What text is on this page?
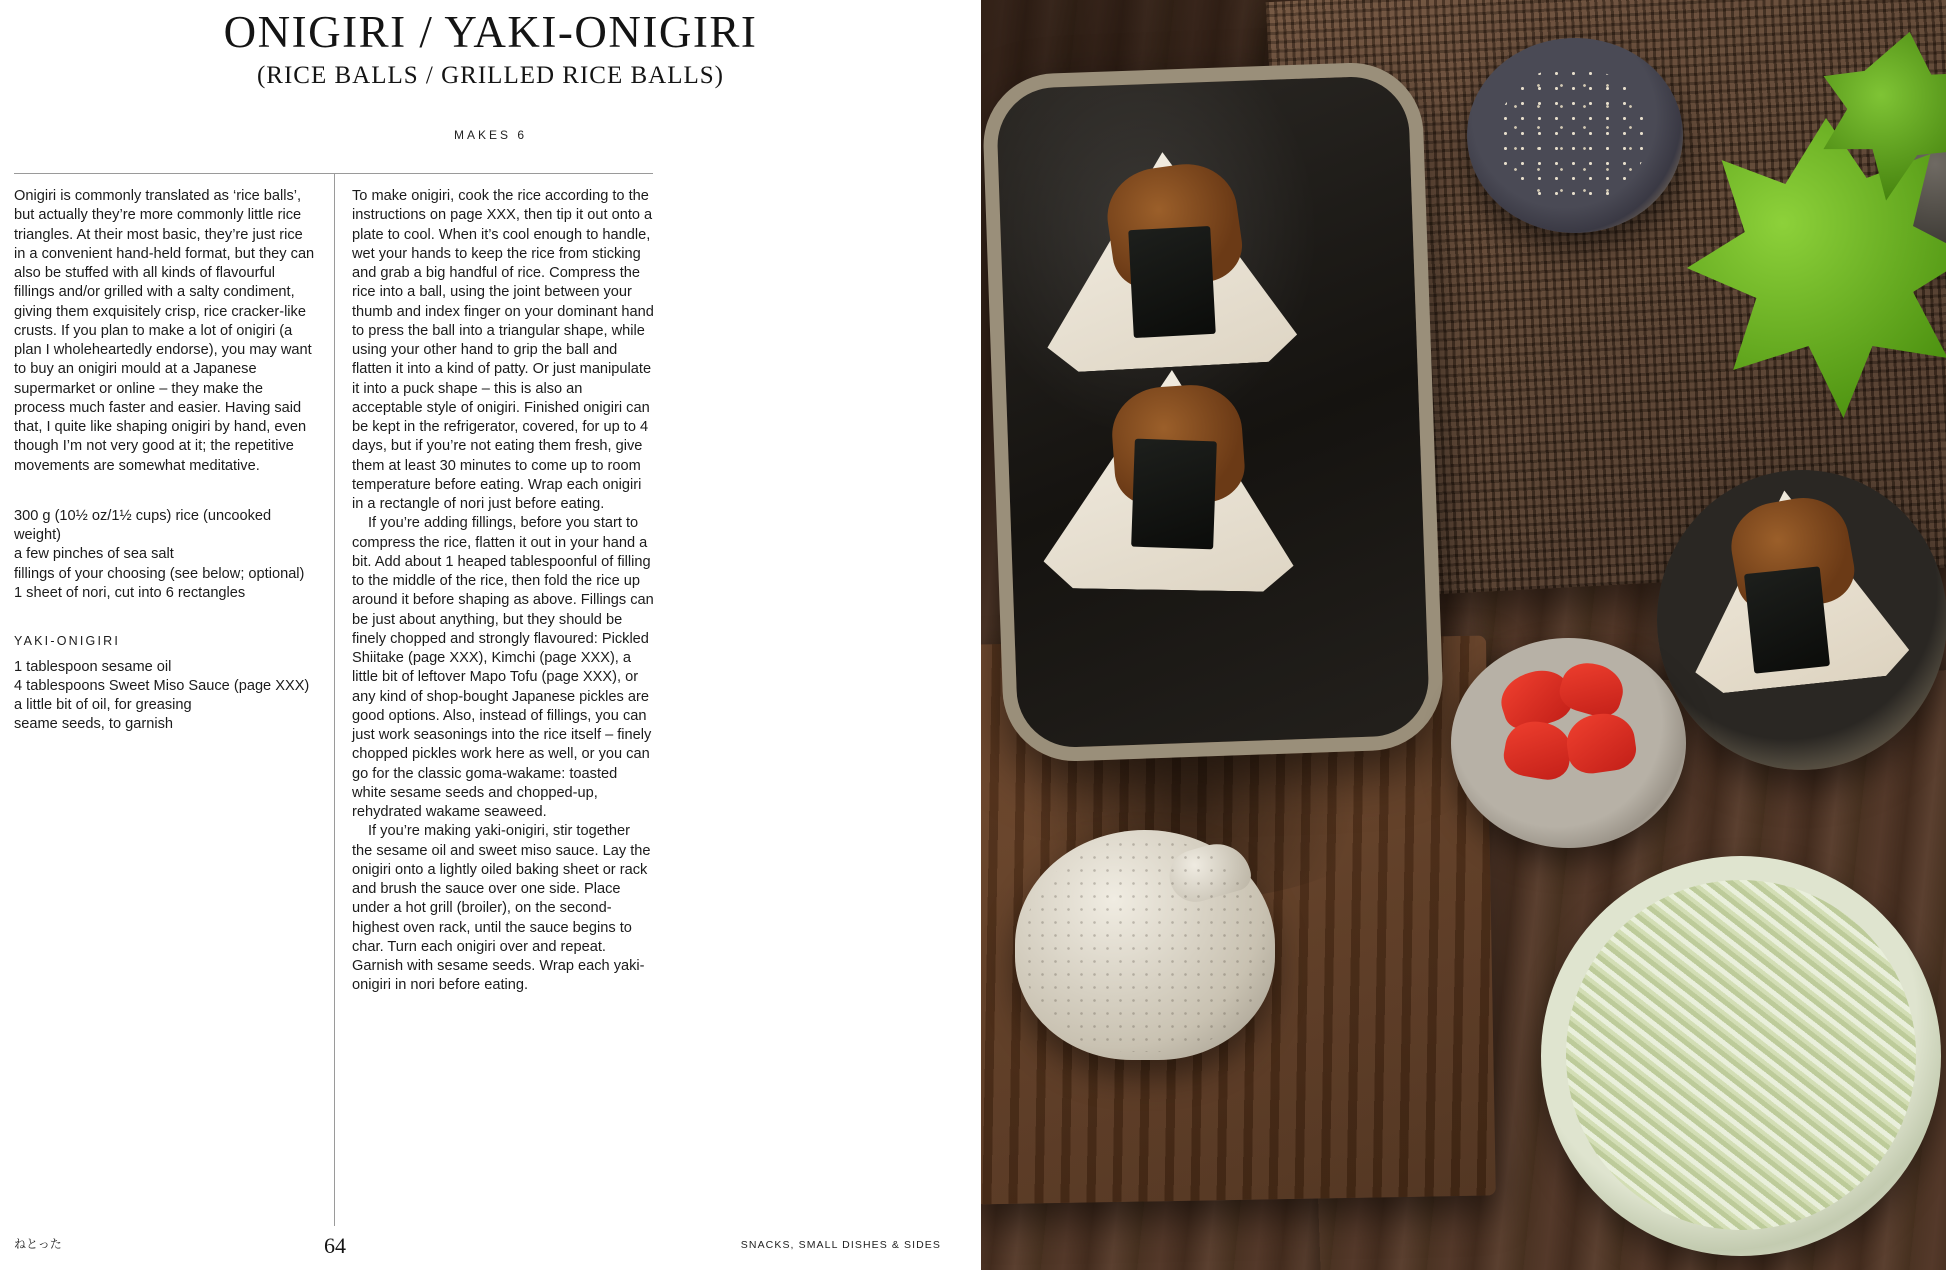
ONIGIRI / YAKI-ONIGIRI
(RICE BALLS / GRILLED RICE BALLS)
MAKES 6

Onigiri is commonly translated as ‘rice balls’, but actually they’re more commonly little rice triangles. At their most basic, they’re just rice in a convenient hand-held format, but they can also be stuffed with all kinds of flavourful fillings and/or grilled with a salty condiment, giving them exquisitely crisp, rice cracker-like crusts. If you plan to make a lot of onigiri (a plan I wholeheartedly endorse), you may want to buy an onigiri mould at a Japanese supermarket or online – they make the process much faster and easier. Having said that, I quite like shaping onigiri by hand, even though I’m not very good at it; the repetitive movements are somewhat meditative.

300 g (10½ oz/1½ cups) rice (uncooked weight)
a few pinches of sea salt
fillings of your choosing (see below; optional)
1 sheet of nori, cut into 6 rectangles
YAKI-ONIGIRI
1 tablespoon sesame oil
4 tablespoons Sweet Miso Sauce (page XXX)
a little bit of oil, for greasing
seame seeds, to garnish

To make onigiri, cook the rice according to the instructions on page XXX, then tip it out onto a plate to cool. When it’s cool enough to handle, wet your hands to keep the rice from sticking and grab a big handful of rice. Compress the rice into a ball, using the joint between your thumb and index finger on your dominant hand to press the ball into a triangular shape, while using your other hand to grip the ball and flatten it into a kind of patty. Or just manipulate it into a puck shape – this is also an acceptable style of onigiri. Finished onigiri can be kept in the refrigerator, covered, for up to 4 days, but if you’re not eating them fresh, give them at least 30 minutes to come up to room temperature before eating. Wrap each onigiri in a rectangle of nori just before eating.

If you’re adding fillings, before you start to compress the rice, flatten it out in your hand a bit. Add about 1 heaped tablespoonful of filling to the middle of the rice, then fold the rice up around it before shaping as above. Fillings can be just about anything, but they should be finely chopped and strongly flavoured: Pickled Shiitake (page XXX), Kimchi (page XXX), a little bit of leftover Mapo Tofu (page XXX), or any kind of shop-bought Japanese pickles are good options. Also, instead of fillings, you can just work seasonings into the rice itself – finely chopped pickles work here as well, or you can go for the classic goma-wakame: toasted white sesame seeds and chopped-up, rehydrated wakame seaweed.

If you’re making yaki-onigiri, stir together the sesame oil and sweet miso sauce. Lay the onigiri onto a lightly oiled baking sheet or rack and brush the sauce over one side. Place under a hot grill (broiler), on the second-highest oven rack, until the sauce begins to char. Turn each onigiri over and repeat. Garnish with sesame seeds. Wrap each yaki-onigiri in nori before eating.

ねとった	64	SNACKS, SMALL DISHES & SIDES
